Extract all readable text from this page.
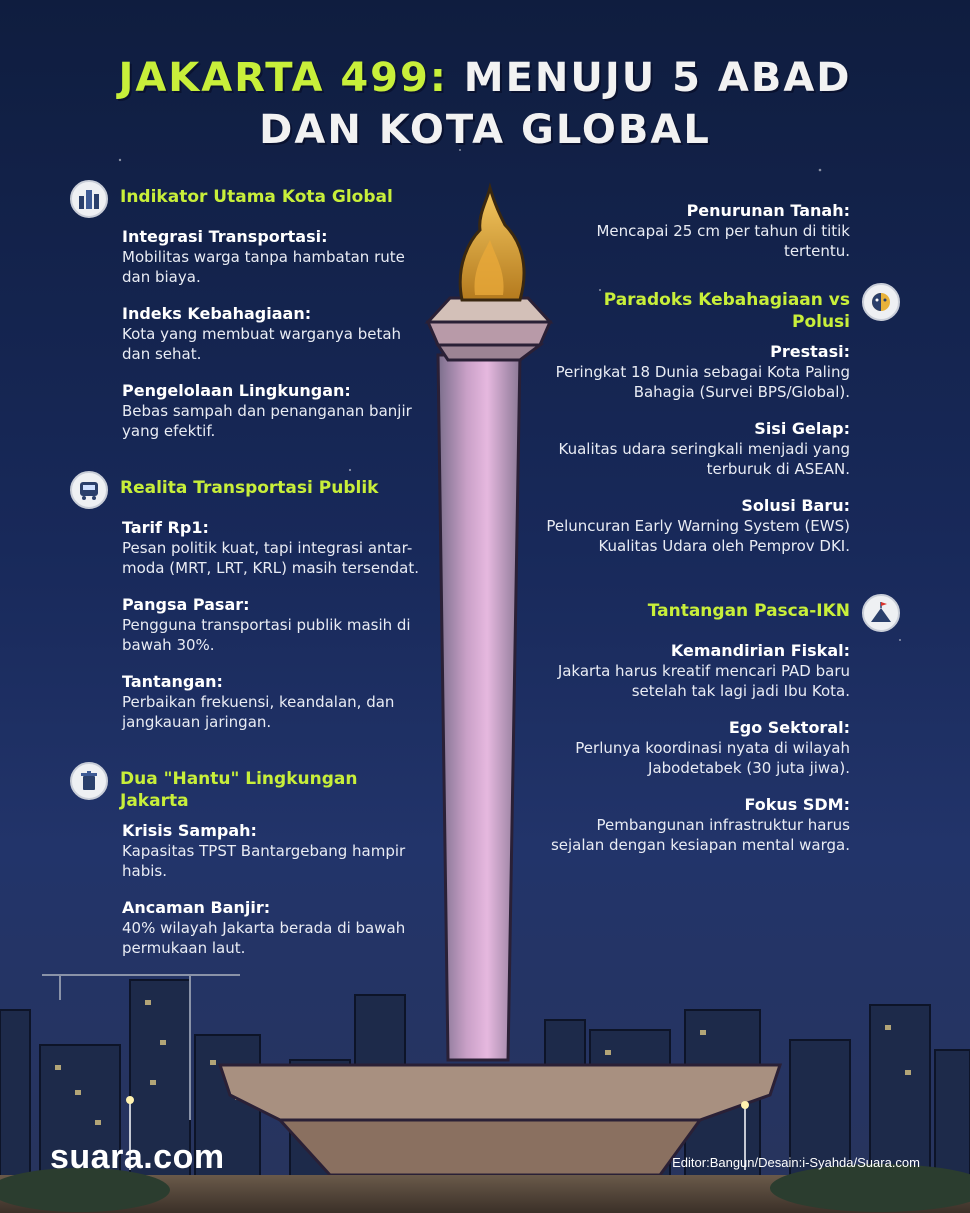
JAKARTA 499: MENUJU 5 ABAD
DAN KOTA GLOBAL
Indikator Utama Kota Global
Integrasi Transportasi:
Mobilitas warga tanpa hambatan rute dan biaya.
Indeks Kebahagiaan:
Kota yang membuat warganya betah dan sehat.
Pengelolaan Lingkungan:
Bebas sampah dan penanganan banjir yang efektif.
Realita Transportasi Publik
Tarif Rp1:
Pesan politik kuat, tapi integrasi antar-moda (MRT, LRT, KRL) masih tersendat.
Pangsa Pasar:
Pengguna transportasi publik masih di bawah 30%.
Tantangan:
Perbaikan frekuensi, keandalan, dan jangkauan jaringan.
Dua "Hantu" Lingkungan Jakarta
Krisis Sampah:
Kapasitas TPST Bantargebang hampir habis.
Ancaman Banjir:
40% wilayah Jakarta berada di bawah permukaan laut.
Penurunan Tanah:
Mencapai 25 cm per tahun di titik tertentu.
Paradoks Kebahagiaan vs Polusi
Prestasi:
Peringkat 18 Dunia sebagai Kota Paling Bahagia (Survei BPS/Global).
Sisi Gelap:
Kualitas udara seringkali menjadi yang terburuk di ASEAN.
Solusi Baru:
Peluncuran Early Warning System (EWS) Kualitas Udara oleh Pemprov DKI.
Tantangan Pasca-IKN
Kemandirian Fiskal:
Jakarta harus kreatif mencari PAD baru setelah tak lagi jadi Ibu Kota.
Ego Sektoral:
Perlunya koordinasi nyata di wilayah Jabodetabek (30 juta jiwa).
Fokus SDM:
Pembangunan infrastruktur harus sejalan dengan kesiapan mental warga.
suara.com	Editor:Bangun/Desain:i-Syahda/Suara.com
